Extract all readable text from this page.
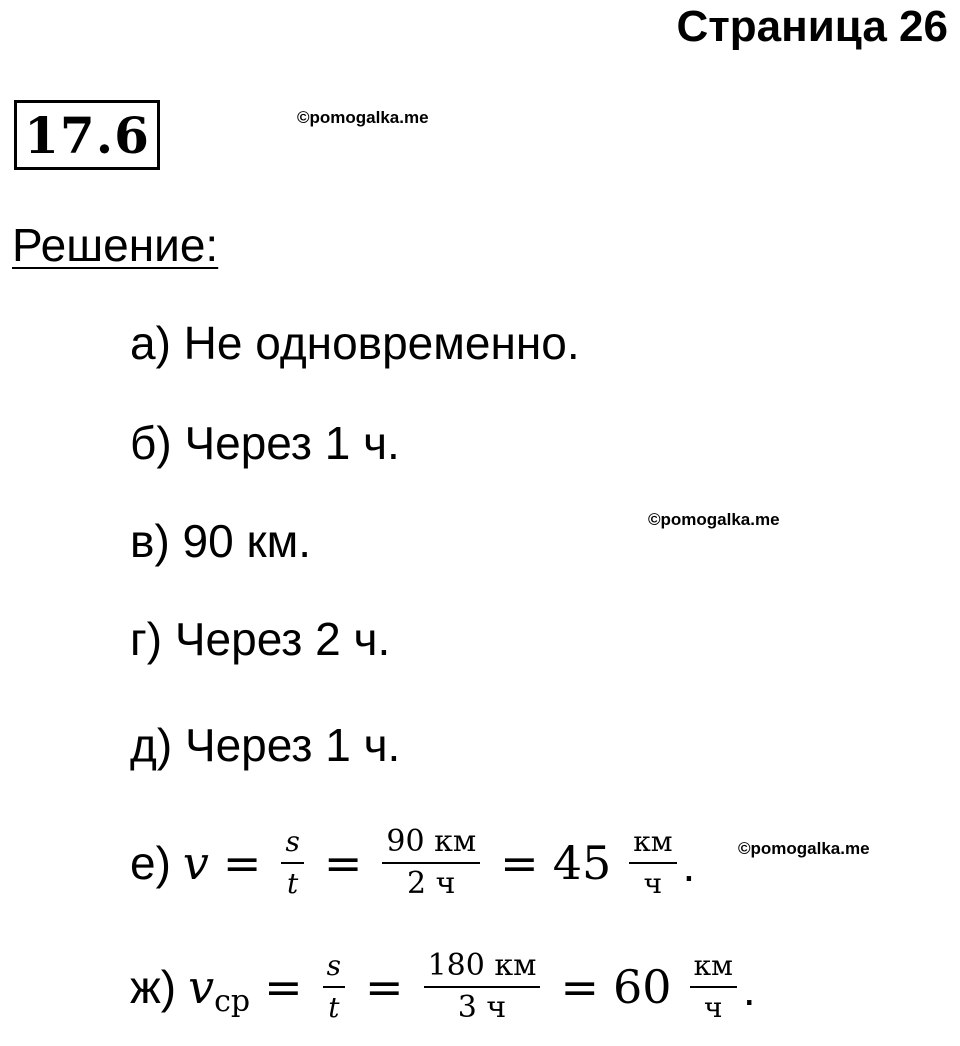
Страница 26
17.6	©pomogalka.me
©pomogalka.me
©pomogalka.me
Решение:
а) Не одновременно.
б) Через 1 ч.
в) 90 км.
г) Через 2 ч.
д) Через 1 ч.
е) $v = \frac{s}{t} = \frac{90 км}{2 ч} = 45 \frac{км}{ч}$ .
ж) v ср = $\frac{s}{t} = \frac{180 км}{3 ч} = 60 \frac{км}{ч}$ .
